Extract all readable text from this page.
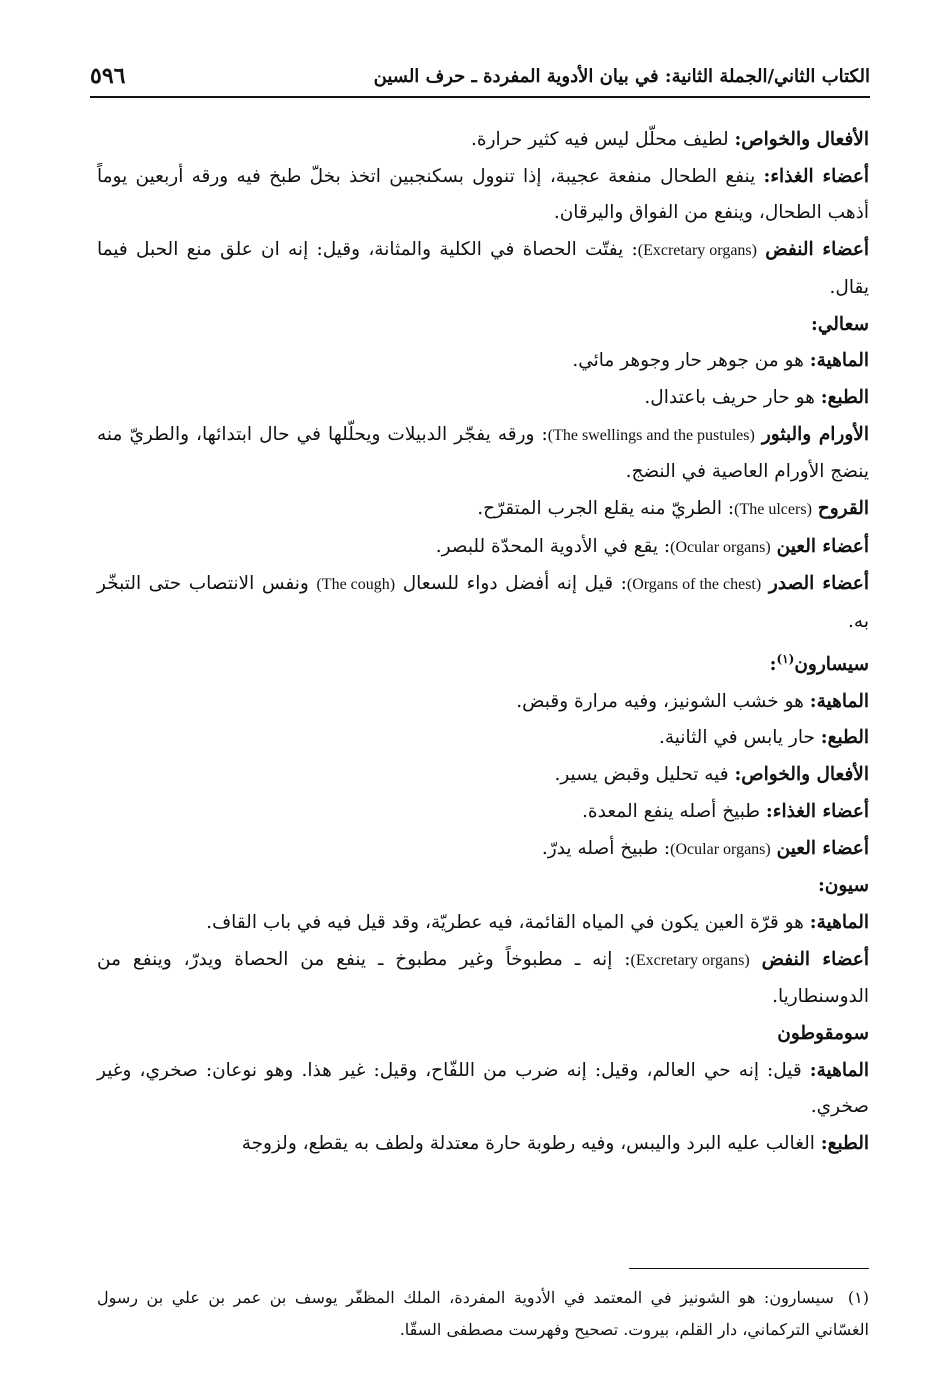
الكتاب الثاني/الجملة الثانية: في بيان الأدوية المفردة ـ حرف السين
٥٩٦

الأفعال والخواص: لطيف محلّل ليس فيه كثير حرارة.

أعضاء الغذاء: ينفع الطحال منفعة عجيبة، إذا تنوول بسكنجبين اتخذ بخلّ طبخ فيه ورقه أربعين يوماً أذهب الطحال، وينفع من الفواق واليرقان.

أعضاء النفض (Excretary organs): يفتّت الحصاة في الكلية والمثانة، وقيل: إنه ان علق منع الحبل فيما يقال.

سعالي:

الماهية: هو من جوهر حار وجوهر مائي.

الطبع: هو حار حريف باعتدال.

الأورام والبثور (The swellings and the pustules): ورقه يفجّر الدبيلات ويحلّلها في حال ابتدائها، والطريّ منه ينضج الأورام العاصية في النضج.

القروح (The ulcers): الطريّ منه يقلع الجرب المتقرّح.

أعضاء العين (Ocular organs): يقع في الأدوية المحدّة للبصر.

أعضاء الصدر (Organs of the chest): قيل إنه أفضل دواء للسعال (The cough) ونفس الانتصاب حتى التبخّر به.

سيسارون$^{(١)}$:

الماهية: هو خشب الشونيز، وفيه مرارة وقبض.

الطبع: حار يابس في الثانية.

الأفعال والخواص: فيه تحليل وقبض يسير.

أعضاء الغذاء: طبيخ أصله ينفع المعدة.

أعضاء العين (Ocular organs): طبيخ أصله يدرّ.

سيون:

الماهية: هو قرّة العين يكون في المياه القائمة، فيه عطريّة، وقد قيل فيه في باب القاف.

أعضاء النفض (Excretary organs): إنه ـ مطبوخاً وغير مطبوخ ـ ينفع من الحصاة ويدرّ، وينفع من الدوسنطاريا.

سومقوطون

الماهية: قيل: إنه حي العالم، وقيل: إنه ضرب من اللفّاح، وقيل: غير هذا. وهو نوعان: صخري، وغير صخري.

الطبع: الغالب عليه البرد واليبس، وفيه رطوبة حارة معتدلة ولطف به يقطع، ولزوجة

(١)سيسارون: هو الشونيز في المعتمد في الأدوية المفردة، الملك المظفّر يوسف بن عمر بن علي بن رسول الغسّاني التركماني، دار القلم، بيروت. تصحيح وفهرست مصطفى السقّا.
